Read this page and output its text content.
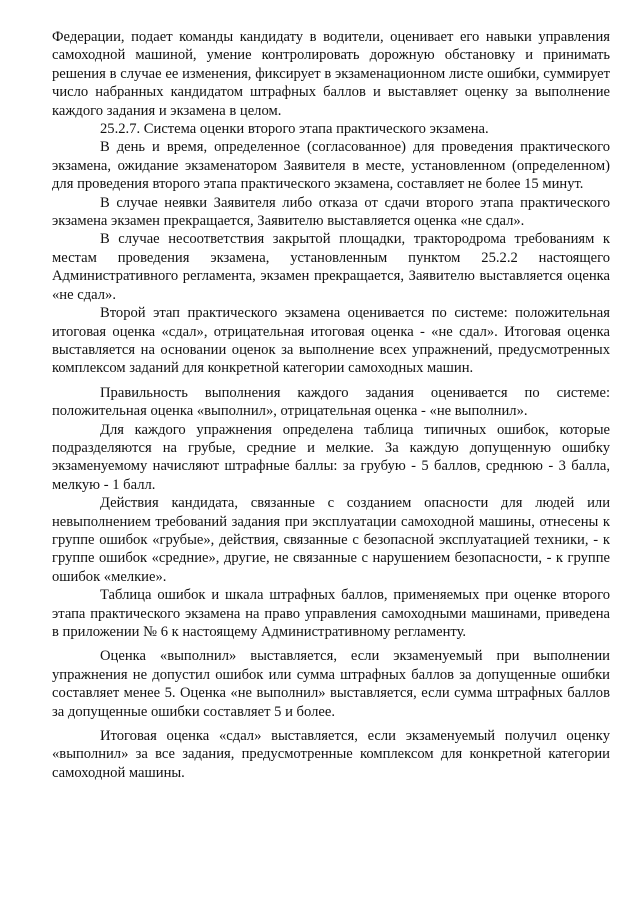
Федерации, подает команды кандидату в водители, оценивает его навыки управления самоходной машиной, умение контролировать дорожную обстановку и принимать решения в случае ее изменения, фиксирует в экзаменационном листе ошибки, суммирует число набранных кандидатом штрафных баллов и выставляет оценку за выполнение каждого задания и экзамена в целом.

25.2.7. Система оценки второго этапа практического экзамена.

В день и время, определенное (согласованное) для проведения практического экзамена, ожидание экзаменатором Заявителя в месте, установленном (определенном) для проведения второго этапа практического экзамена, составляет не более 15 минут.

В случае неявки Заявителя либо отказа от сдачи второго этапа практического экзамена экзамен прекращается, Заявителю выставляется оценка «не сдал».

В случае несоответствия закрытой площадки, трактородрома требованиям к местам проведения экзамена, установленным пунктом 25.2.2 настоящего Административного регламента, экзамен прекращается, Заявителю выставляется оценка «не сдал».

Второй этап практического экзамена оценивается по системе: положительная итоговая оценка «сдал», отрицательная итоговая оценка - «не сдал». Итоговая оценка выставляется на основании оценок за выполнение всех упражнений, предусмотренных комплексом заданий для конкретной категории самоходных машин.

Правильность выполнения каждого задания оценивается по системе: положительная оценка «выполнил», отрицательная оценка - «не выполнил».

Для каждого упражнения определена таблица типичных ошибок, которые подразделяются на грубые, средние и мелкие. За каждую допущенную ошибку экзаменуемому начисляют штрафные баллы: за грубую - 5 баллов, среднюю - 3 балла, мелкую - 1 балл.

Действия кандидата, связанные с созданием опасности для людей или невыполнением требований задания при эксплуатации самоходной машины, отнесены к группе ошибок «грубые», действия, связанные с безопасной эксплуатацией техники, - к группе ошибок «средние», другие, не связанные с нарушением безопасности, - к группе ошибок «мелкие».

Таблица ошибок и шкала штрафных баллов, применяемых при оценке второго этапа практического экзамена на право управления самоходными машинами, приведена в приложении № 6 к настоящему Административному регламенту.

Оценка «выполнил» выставляется, если экзаменуемый при выполнении упражнения не допустил ошибок или сумма штрафных баллов за допущенные ошибки составляет менее 5. Оценка «не выполнил» выставляется, если сумма штрафных баллов за допущенные ошибки составляет 5 и более.

Итоговая оценка «сдал» выставляется, если экзаменуемый получил оценку «выполнил» за все задания, предусмотренные комплексом для конкретной категории самоходной машины.
